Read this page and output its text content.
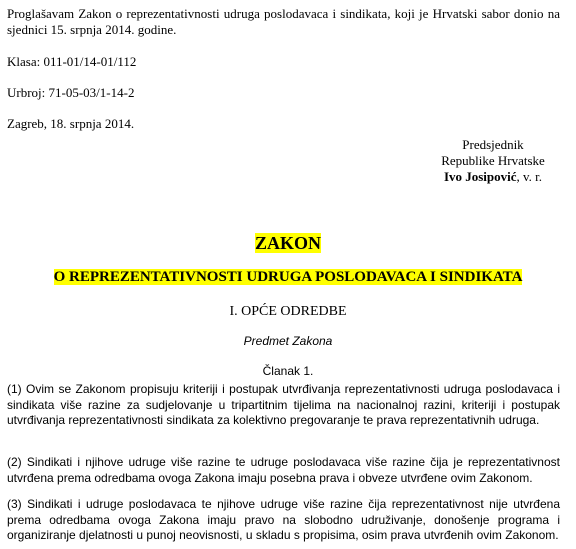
Proglašavam Zakon o reprezentativnosti udruga poslodavaca i sindikata, koji je Hrvatski sabor donio na sjednici 15. srpnja 2014. godine.

Klasa: 011-01/14-01/112

Urbroj: 71-05-03/1-14-2

Zagreb, 18. srpnja 2014.

Predsjednik
Republike Hrvatske
Ivo Josipović, v. r.
ZAKON
O REPREZENTATIVNOSTI UDRUGA POSLODAVACA I SINDIKATA
I. OPĆE ODREDBE
Predmet Zakona
Članak 1.

(1) Ovim se Zakonom propisuju kriteriji i postupak utvrđivanja reprezentativnosti udruga poslodavaca i sindikata više razine za sudjelovanje u tripartitnim tijelima na nacionalnoj razini, kriteriji i postupak utvrđivanja reprezentativnosti sindikata za kolektivno pregovaranje te prava reprezentativnih udruga.

(2) Sindikati i njihove udruge više razine te udruge poslodavaca više razine čija je reprezentativnost utvrđena prema odredbama ovoga Zakona imaju posebna prava i obveze utvrđene ovim Zakonom.

(3) Sindikati i udruge poslodavaca te njihove udruge više razine čija reprezentativnost nije utvrđena prema odredbama ovoga Zakona imaju pravo na slobodno udruživanje, donošenje programa i organiziranje djelatnosti u punoj neovisnosti, u skladu s propisima, osim prava utvrđenih ovim Zakonom.
